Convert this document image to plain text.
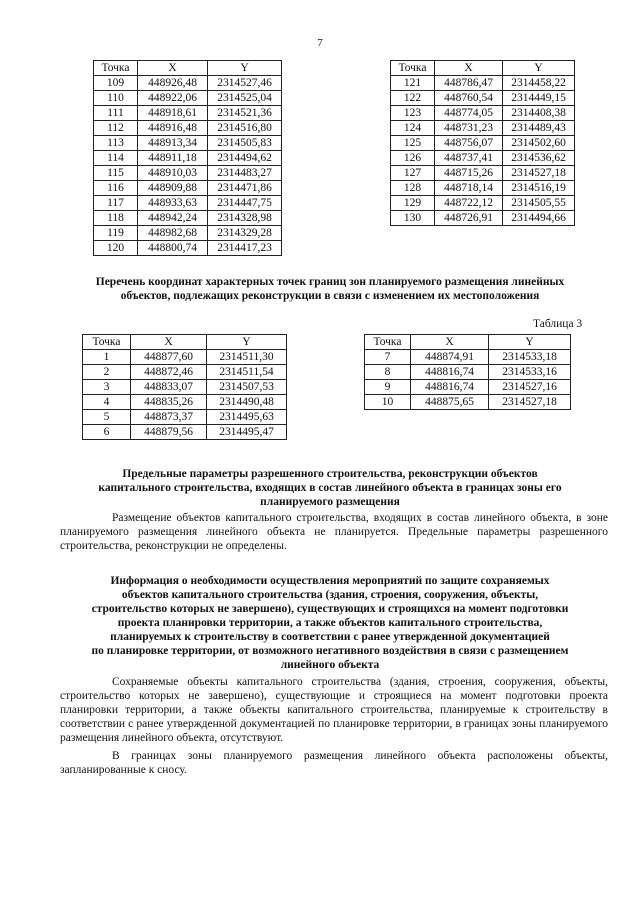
7
Точка	X	Y
109	448926,48	2314527,46
110	448922,06	2314525,04
111	448918,61	2314521,36
112	448916,48	2314516,80
113	448913,34	2314505,83
114	448911,18	2314494,62
115	448910,03	2314483,27
116	448909,88	2314471,86
117	448933,63	2314447,75
118	448942,24	2314328,98
119	448982,68	2314329,28
120	448800,74	2314417,23
Точка	X	Y
121	448786,47	2314458,22
122	448760,54	2314449,15
123	448774,05	2314408,38
124	448731,23	2314489,43
125	448756,07	2314502,60
126	448737,41	2314536,62
127	448715,26	2314527,18
128	448718,14	2314516,19
129	448722,12	2314505,55
130	448726,91	2314494,66
Перечень координат характерных точек границ зон планируемого размещения линейных
объектов, подлежащих реконструкции в связи с изменением их местоположения
Таблица 3
Точка	X	Y
1	448877,60	2314511,30
2	448872,46	2314511,54
3	448833,07	2314507,53
4	448835,26	2314490,48
5	448873,37	2314495,63
6	448879,56	2314495,47
Точка	X	Y
7	448874,91	2314533,18
8	448816,74	2314533,16
9	448816,74	2314527,16
10	448875,65	2314527,18
Предельные параметры разрешенного строительства, реконструкции объектов
капитального строительства, входящих в состав линейного объекта в границах зоны его
планируемого размещения
Размещение объектов капитального строительства, входящих в состав линейного объекта, в зоне планируемого размещения линейного объекта не планируется. Предельные параметры разрешенного строительства, реконструкции не определены.
Информация о необходимости осуществления мероприятий по защите сохраняемых
объектов капитального строительства (здания, строения, сооружения, объекты,
строительство которых не завершено), существующих и строящихся на момент подготовки
проекта планировки территории, а также объектов капитального строительства,
планируемых к строительству в соответствии с ранее утвержденной документацией
по планировке территории, от возможного негативного воздействия в связи с размещением
линейного объекта
Сохраняемые объекты капитального строительства (здания, строения, сооружения, объекты, строительство которых не завершено), существующие и строящиеся на момент подготовки проекта планировки территории, а также объекты капитального строительства, планируемые к строительству в соответствии с ранее утвержденной документацией по планировке территории, в границах зоны планируемого размещения линейного объекта, отсутствуют.
В границах зоны планируемого размещения линейного объекта расположены объекты, запланированные к сносу.
